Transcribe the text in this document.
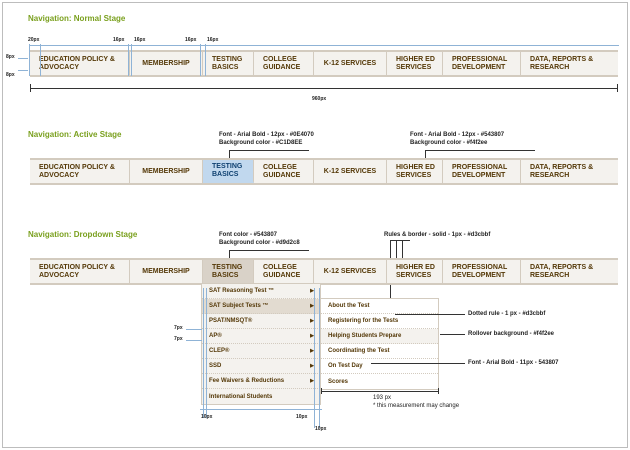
Navigation: Normal Stage
EDUCATION POLICY &
ADVOCACY
MEMBERSHIP
TESTING
BASICS
COLLEGE
GUIDANCE
K-12 SERVICES
HIGHER ED
SERVICES
PROFESSIONAL
DEVELOPMENT
DATA, REPORTS &
RESEARCH
8px
8px
20px	16px 16px	16px 16px
960px
Navigation: Active Stage	Font - Arial Bold - 12px - #0E4070
Background color - #C1D8EE
Font - Arial Bold - 12px - #543807
Background color - #f4f2ee
EDUCATION POLICY &
ADVOCACY
MEMBERSHIP
TESTING
BASICS
COLLEGE
GUIDANCE
K-12 SERVICES
HIGHER ED
SERVICES
PROFESSIONAL
DEVELOPMENT
DATA, REPORTS &
RESEARCH
Navigation: Dropdown Stage	Font color - #543807
Background color - #d9d2c8
Rules & border - solid - 1px - #d3cbbf
EDUCATION POLICY &
ADVOCACY
MEMBERSHIP
TESTING
BASICS
COLLEGE
GUIDANCE
K-12 SERVICES
HIGHER ED
SERVICES
PROFESSIONAL
DEVELOPMENT
DATA, REPORTS &
RESEARCH
SAT Reasoning Test ™	▶
SAT Subject Tests ™	▶
PSAT/NMSQT®	▶
AP®	▶
CLEP®	▶
SSD	▶
Fee Waivers & Reductions	▶
International Students
About the Test
Registering for the Tests
Helping Students Prepare
Coordinating the Test
On Test Day
Scores
7px
7px
10px	10px
10px
193 px
* this measurement may change
Dotted rule - 1 px - #d3cbbf
Rollover background - #f4f2ee
Font - Arial Bold - 11px - 543807
